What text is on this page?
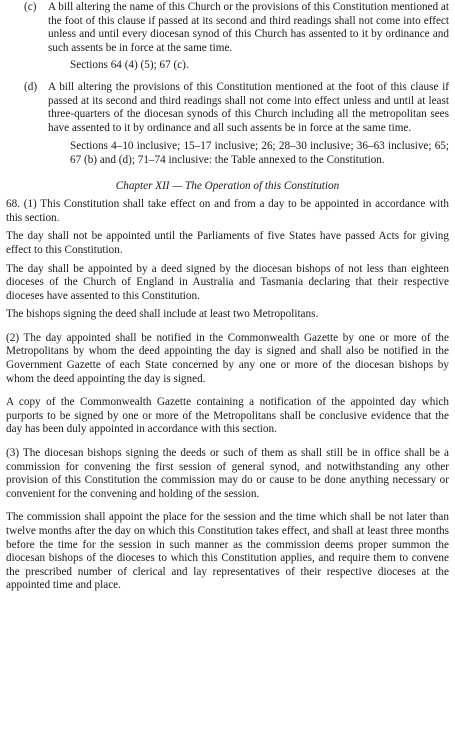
(c) A bill altering the name of this Church or the provisions of this Constitution mentioned at the foot of this clause if passed at its second and third readings shall not come into effect unless and until every diocesan synod of this Church has assented to it by ordinance and such assents be in force at the same time.

Sections 64 (4) (5); 67 (c).

(d) A bill altering the provisions of this Constitution mentioned at the foot of this clause if passed at its second and third readings shall not come into effect unless and until at least three-quarters of the diocesan synods of this Church including all the metropolitan sees have assented to it by ordinance and all such assents be in force at the same time.

Sections 4–10 inclusive; 15–17 inclusive; 26; 28–30 inclusive; 36–63 inclusive; 65; 67 (b) and (d); 71–74 inclusive: the Table annexed to the Constitution.

Chapter XII — The Operation of this Constitution

68. (1) This Constitution shall take effect on and from a day to be appointed in accordance with this section.

The day shall not be appointed until the Parliaments of five States have passed Acts for giving effect to this Constitution.

The day shall be appointed by a deed signed by the diocesan bishops of not less than eighteen dioceses of the Church of England in Australia and Tasmania declaring that their respective dioceses have assented to this Constitution.

The bishops signing the deed shall include at least two Metropolitans.

(2) The day appointed shall be notified in the Commonwealth Gazette by one or more of the Metropolitans by whom the deed appointing the day is signed and shall also be notified in the Government Gazette of each State concerned by any one or more of the diocesan bishops by whom the deed appointing the day is signed.

A copy of the Commonwealth Gazette containing a notification of the appointed day which purports to be signed by one or more of the Metropolitans shall be conclusive evidence that the day has been duly appointed in accordance with this section.

(3) The diocesan bishops signing the deeds or such of them as shall still be in office shall be a commission for convening the first session of general synod, and notwithstanding any other provision of this Constitution the commission may do or cause to be done anything necessary or convenient for the convening and holding of the session.

The commission shall appoint the place for the session and the time which shall be not later than twelve months after the day on which this Constitution takes effect, and shall at least three months before the time for the session in such manner as the commission deems proper summon the diocesan bishops of the dioceses to which this Constitution applies, and require them to convene the prescribed number of clerical and lay representatives of their respective dioceses at the appointed time and place.
